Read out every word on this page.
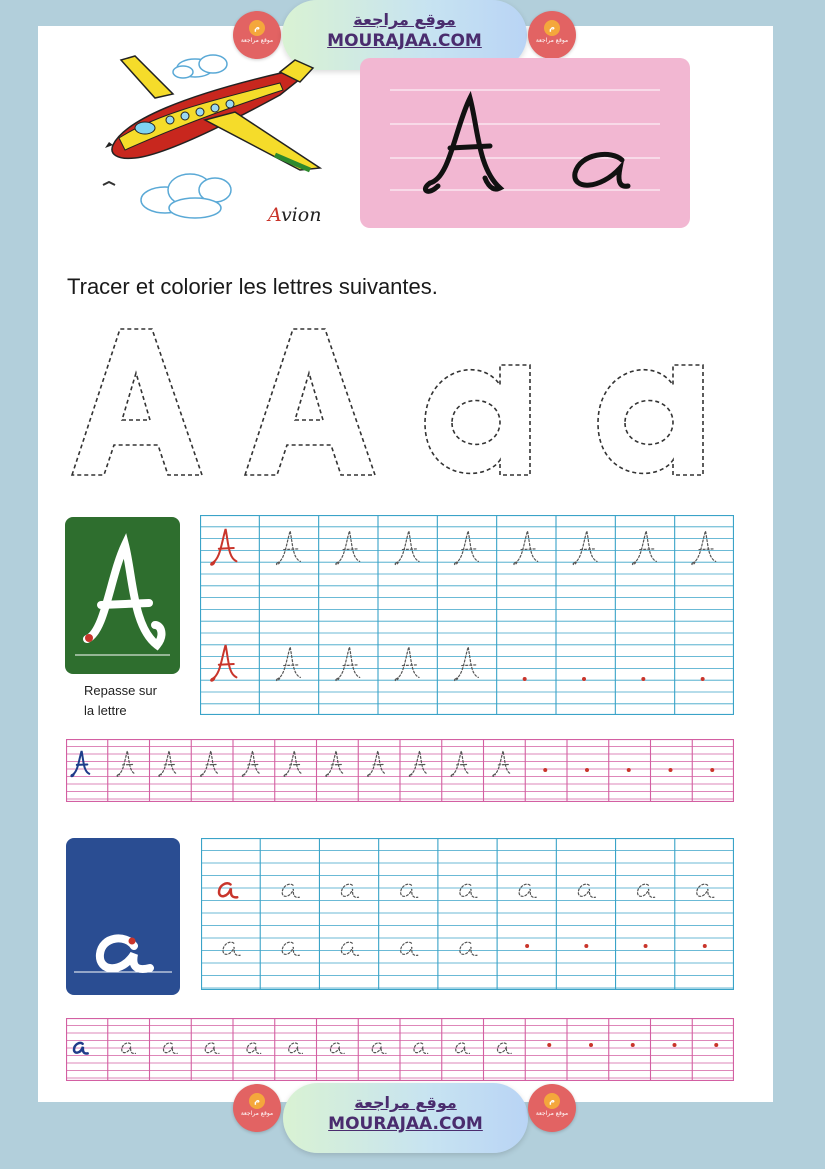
م
موقع مراجعة
موقع مراجعة
MOURAJAA.COM
م
موقع مراجعة
Avion
Tracer et colorier les lettres suivantes.
Repasse sur
la lettre
م
موقع مراجعة
موقع مراجعة
MOURAJAA.COM
م
موقع مراجعة
